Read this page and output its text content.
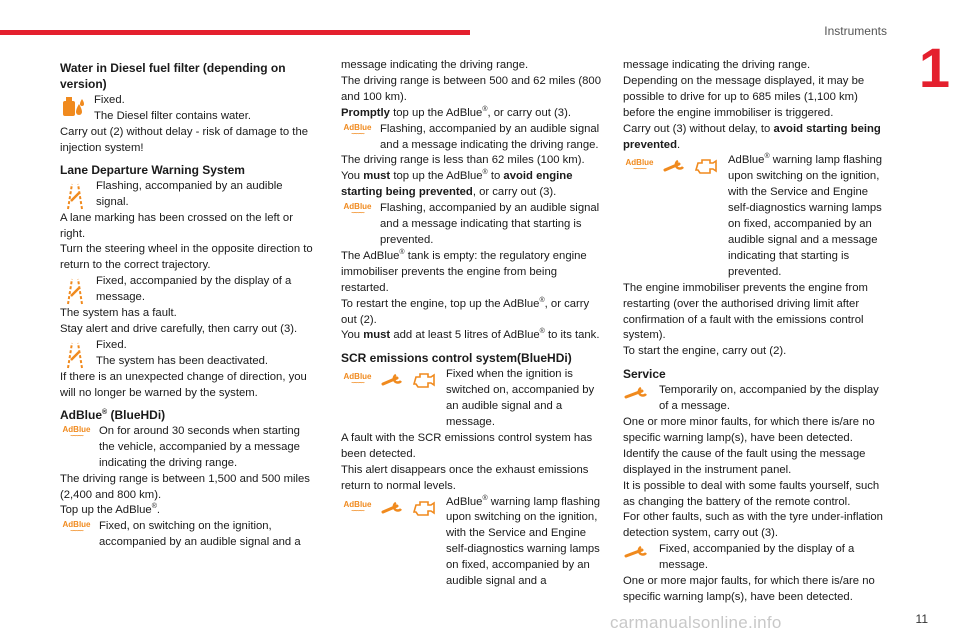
Instruments
1
11
carmanualsonline.info
Water in Diesel fuel filter (depending on version)

Fixed.

The Diesel filter contains water.

Carry out (2) without delay - risk of damage to the injection system!

Lane Departure Warning System
Flashing, accompanied by an audible signal.

A lane marking has been crossed on the left or right.

Turn the steering wheel in the opposite direction to return to the correct trajectory.

Fixed, accompanied by the display of a message.

The system has a fault.

Stay alert and drive carefully, then carry out (3).

Fixed.

The system has been deactivated.

If there is an unexpected change of direction, you will no longer be warned by the system.

AdBlue® (BlueHDi)
AdBlue
~~~~~	On for around 30 seconds when starting the vehicle, accompanied by a message indicating the driving range.

The driving range is between 1,500 and 500 miles (2,400 and 800 km).

Top up the AdBlue®.

AdBlue
~~~~~	Fixed, on switching on the ignition, accompanied by an audible signal and a

message indicating the driving range.

The driving range is between 500 and 62 miles (800 and 100 km).

Promptly top up the AdBlue®, or carry out (3).

AdBlue
~~~~~	Flashing, accompanied by an audible signal and a message indicating the driving range.

The driving range is less than 62 miles (100 km).

You must top up the AdBlue® to avoid engine starting being prevented, or carry out (3).

AdBlue
~~~~~	Flashing, accompanied by an audible signal and a message indicating that starting is prevented.

The AdBlue® tank is empty: the regulatory engine immobiliser prevents the engine from being restarted.

To restart the engine, top up the AdBlue®, or carry out (2).

You must add at least 5 litres of AdBlue® to its tank.

SCR emissions control system(BlueHDi)
AdBlue
~~~~~
Fixed when the ignition is switched on, accompanied by an audible signal and a message.

A fault with the SCR emissions control system has been detected.

This alert disappears once the exhaust emissions return to normal levels.

AdBlue
~~~~~
AdBlue® warning lamp flashing upon switching on the ignition, with the Service and Engine self-diagnostics warning lamps on fixed, accompanied by an audible signal and a

message indicating the driving range.

Depending on the message displayed, it may be possible to drive for up to 685 miles (1,100 km) before the engine immobiliser is triggered.

Carry out (3) without delay, to avoid starting being prevented.

AdBlue
~~~~~
AdBlue® warning lamp flashing upon switching on the ignition, with the Service and Engine self-diagnostics warning lamps on fixed, accompanied by an audible signal and a message indicating that starting is prevented.

The engine immobiliser prevents the engine from restarting (over the authorised driving limit after confirmation of a fault with the emissions control system).

To start the engine, carry out (2).

Service
Temporarily on, accompanied by the display of a message.

One or more minor faults, for which there is/are no specific warning lamp(s), have been detected.

Identify the cause of the fault using the message displayed in the instrument panel.

It is possible to deal with some faults yourself, such as changing the battery of the remote control.

For other faults, such as with the tyre under-inflation detection system, carry out (3).

Fixed, accompanied by the display of a message.

One or more major faults, for which there is/are no specific warning lamp(s), have been detected.
